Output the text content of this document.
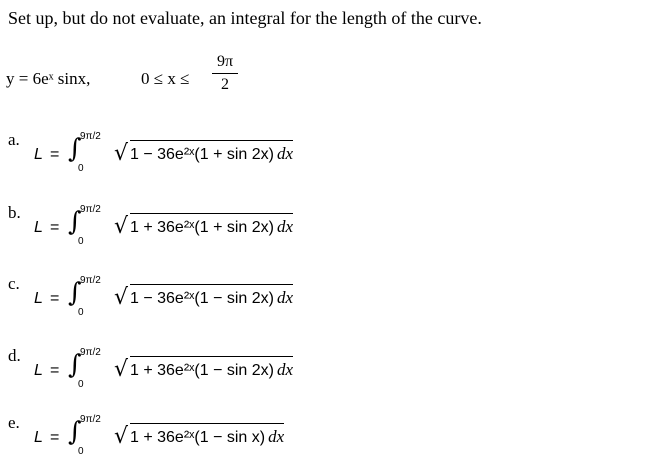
Set up, but do not evaluate, an integral for the length of the curve.
y = 6eˣ sinx,	0 ≤ x ≤
9π
2
a.
L = ∫
9π/2
0
√ 1 − 36e²ˣ(1 + sin 2x) dx
b.
L = ∫
9π/2
0
√ 1 + 36e²ˣ(1 + sin 2x) dx
c.
L = ∫
9π/2
0
√ 1 − 36e²ˣ(1 − sin 2x) dx
d.
L = ∫
9π/2
0
√ 1 + 36e²ˣ(1 − sin 2x) dx
e.
L = ∫
9π/2
0
√ 1 + 36e²ˣ(1 − sin x) dx
